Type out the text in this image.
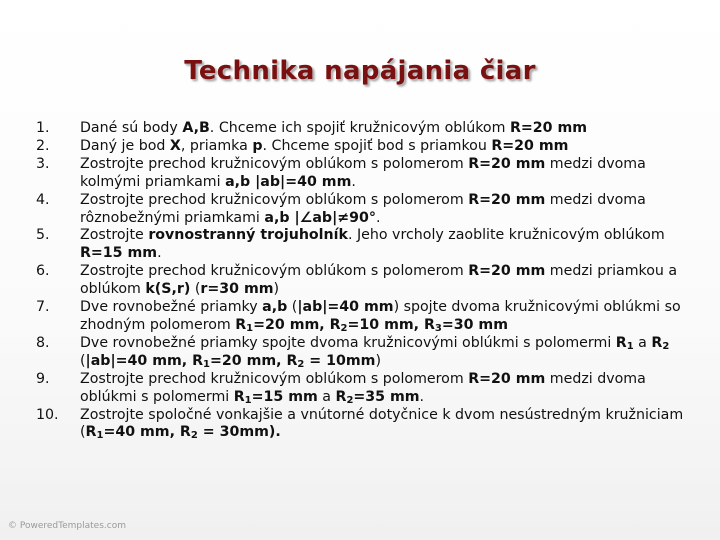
Technika napájania čiar
1. Dané sú body A,B. Chceme ich spojiť kružnicovým oblúkom R=20 mm
2. Daný je bod X, priamka p. Chceme spojiť bod s priamkou R=20 mm
3. Zostrojte prechod kružnicovým oblúkom s polomerom R=20 mm medzi dvoma kolmými priamkami a,b |ab|=40 mm.
4. Zostrojte prechod kružnicovým oblúkom s polomerom R=20 mm medzi dvoma rôznobežnými priamkami a,b |∠ab|≠90°.
5. Zostrojte rovnostranný trojuholník. Jeho vrcholy zaoblite kružnicovým oblúkom R=15 mm.
6. Zostrojte prechod kružnicovým oblúkom s polomerom R=20 mm medzi priamkou a oblúkom k(S,r) (r=30 mm)
7. Dve rovnobežné priamky a,b (|ab|=40 mm) spojte dvoma kružnicovými oblúkmi so zhodným polomerom $R_1=20$ mm, $R_2=10$ mm, $R_3=30$ mm
8. Dve rovnobežné priamky spojte dvoma kružnicovými oblúkmi s polomermi $R_1$ a $R_2$ (|ab|=40 mm, $R_1=20$ mm, $R_2 = 10mm$)
9. Zostrojte prechod kružnicovým oblúkom s polomerom R=20 mm medzi dvoma oblúkmi s polomermi $R_1=15$ mm a $R_2=35$ mm.
10. Zostrojte spoločné vonkajšie a vnútorné dotyčnice k dvom nesústredným kružniciam ($R_1=40$ mm, $R_2 = 30mm$).
© PoweredTemplates.com
